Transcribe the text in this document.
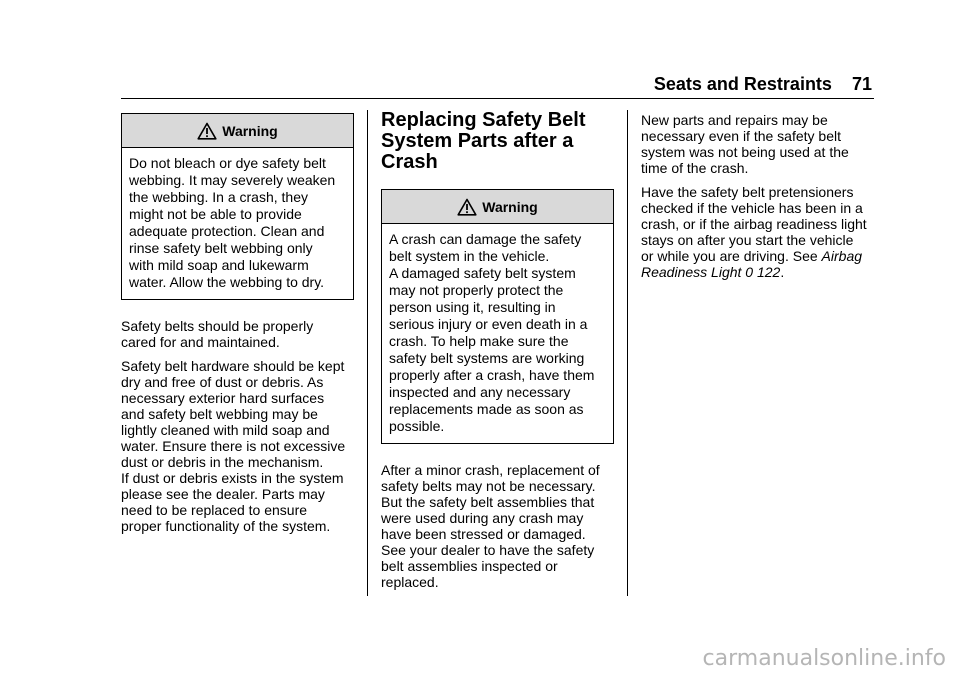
Seats and Restraints 71
Warning

Do not bleach or dye safety belt

webbing. It may severely weaken

the webbing. In a crash, they

might not be able to provide

adequate protection. Clean and

rinse safety belt webbing only

with mild soap and lukewarm

water. Allow the webbing to dry.

Safety belts should be properly
cared for and maintained.

Safety belt hardware should be kept
dry and free of dust or debris. As
necessary exterior hard surfaces
and safety belt webbing may be
lightly cleaned with mild soap and
water. Ensure there is not excessive
dust or debris in the mechanism.
If dust or debris exists in the system
please see the dealer. Parts may
need to be replaced to ensure
proper functionality of the system.

Replacing Safety Belt
System Parts after a
Crash
Warning

A crash can damage the safety

belt system in the vehicle.

A damaged safety belt system

may not properly protect the

person using it, resulting in

serious injury or even death in a

crash. To help make sure the

safety belt systems are working

properly after a crash, have them

inspected and any necessary

replacements made as soon as

possible.

After a minor crash, replacement of
safety belts may not be necessary.
But the safety belt assemblies that
were used during any crash may
have been stressed or damaged.
See your dealer to have the safety
belt assemblies inspected or
replaced.

New parts and repairs may be
necessary even if the safety belt
system was not being used at the
time of the crash.

Have the safety belt pretensioners
checked if the vehicle has been in a
crash, or if the airbag readiness light
stays on after you start the vehicle
or while you are driving. See Airbag
Readiness Light 0 122.

carmanualsonline.info
